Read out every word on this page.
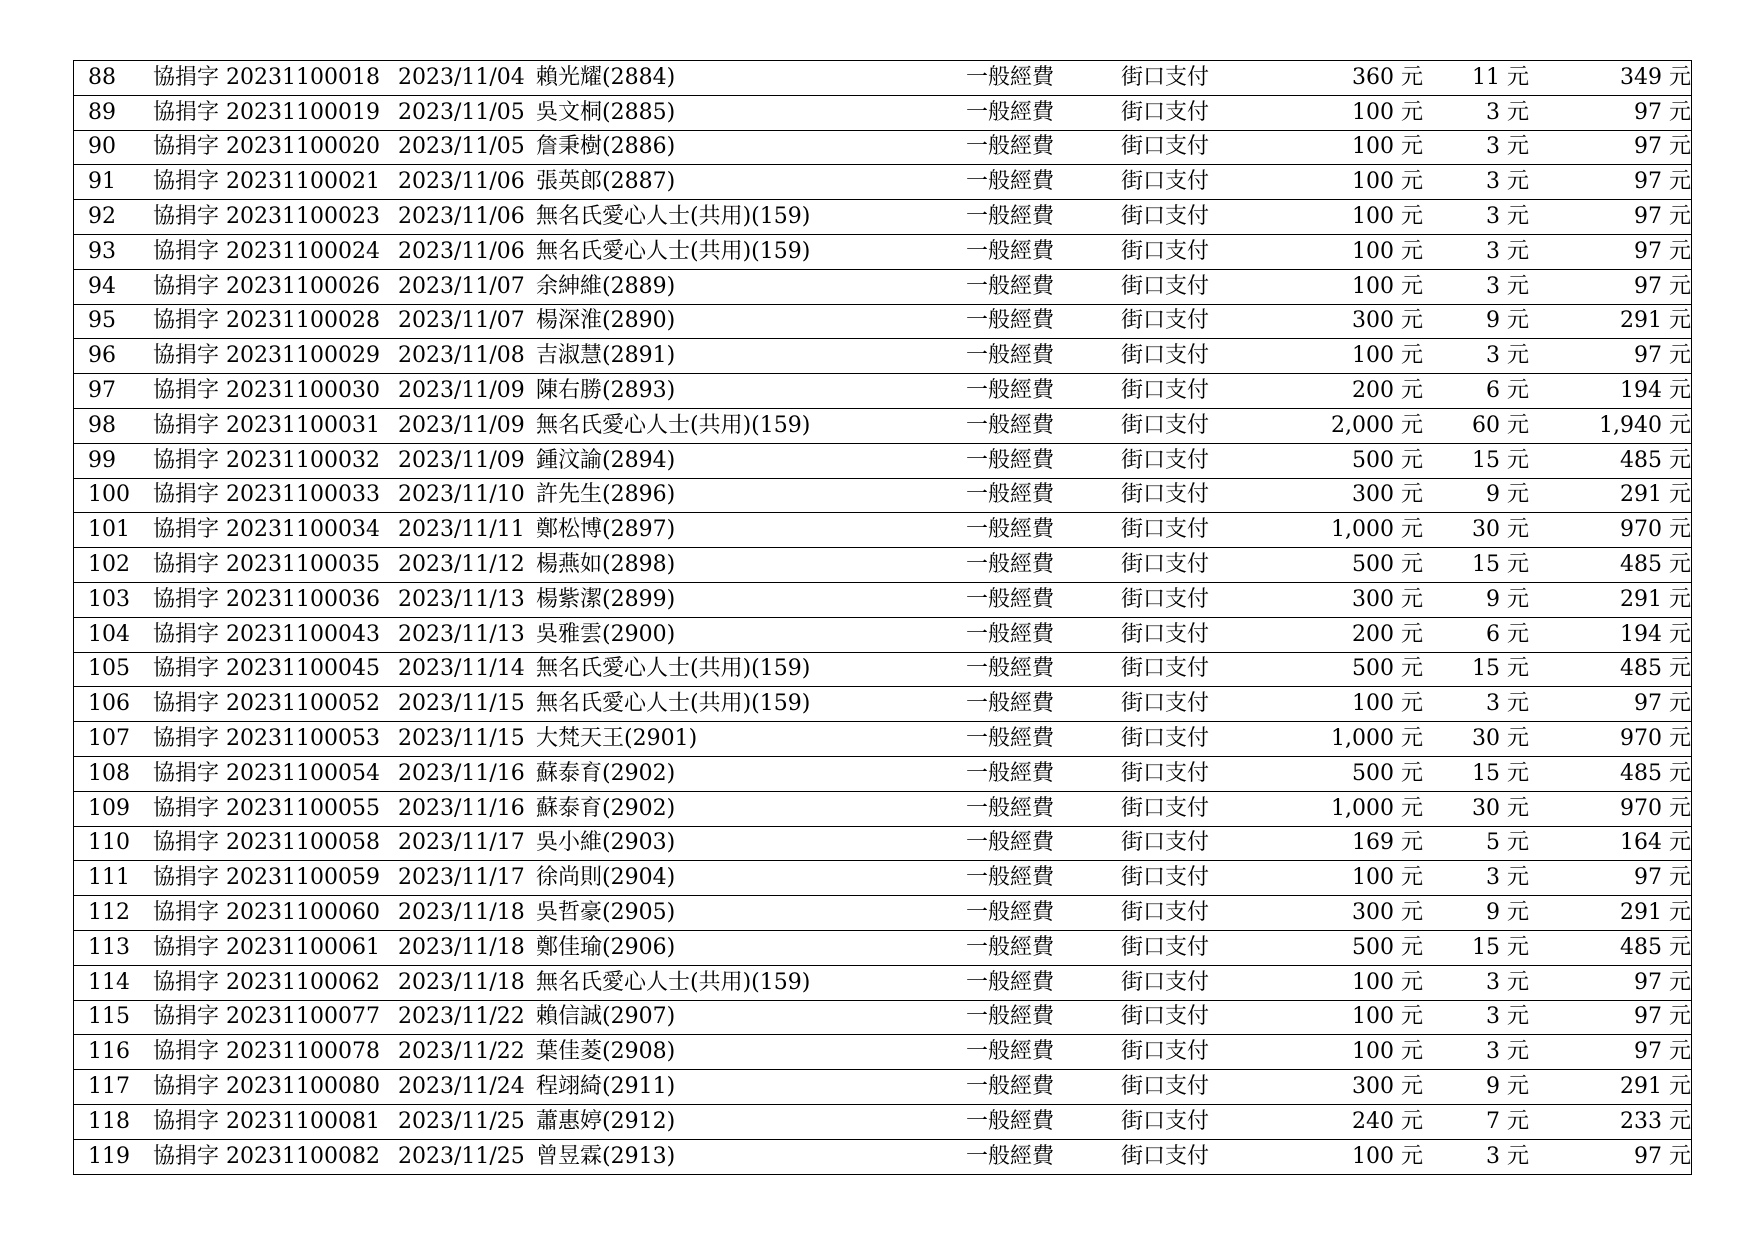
88	協捐字 20231100018 2023/11/04 賴光耀(2884)	一般經費	街口支付	360 元	11 元	349 元
89	協捐字 20231100019 2023/11/05 吳文桐(2885)	一般經費	街口支付	100 元	3 元	97 元
90	協捐字 20231100020 2023/11/05 詹秉樹(2886)	一般經費	街口支付	100 元	3 元	97 元
91	協捐字 20231100021 2023/11/06 張英郎(2887)	一般經費	街口支付	100 元	3 元	97 元
92	協捐字 20231100023 2023/11/06 無名氏愛心人士(共用)(159)	一般經費	街口支付	100 元	3 元	97 元
93	協捐字 20231100024 2023/11/06 無名氏愛心人士(共用)(159)	一般經費	街口支付	100 元	3 元	97 元
94	協捐字 20231100026 2023/11/07 余紳維(2889)	一般經費	街口支付	100 元	3 元	97 元
95	協捐字 20231100028 2023/11/07 楊深淮(2890)	一般經費	街口支付	300 元	9 元	291 元
96	協捐字 20231100029 2023/11/08 吉淑慧(2891)	一般經費	街口支付	100 元	3 元	97 元
97	協捐字 20231100030 2023/11/09 陳右勝(2893)	一般經費	街口支付	200 元	6 元	194 元
98	協捐字 20231100031 2023/11/09 無名氏愛心人士(共用)(159)	一般經費	街口支付	2,000 元	60 元	1,940 元
99	協捐字 20231100032 2023/11/09 鍾汶諭(2894)	一般經費	街口支付	500 元	15 元	485 元
100	協捐字 20231100033 2023/11/10 許先生(2896)	一般經費	街口支付	300 元	9 元	291 元
101	協捐字 20231100034 2023/11/11 鄭松博(2897)	一般經費	街口支付	1,000 元	30 元	970 元
102	協捐字 20231100035 2023/11/12 楊燕如(2898)	一般經費	街口支付	500 元	15 元	485 元
103	協捐字 20231100036 2023/11/13 楊紫潔(2899)	一般經費	街口支付	300 元	9 元	291 元
104	協捐字 20231100043 2023/11/13 吳雅雲(2900)	一般經費	街口支付	200 元	6 元	194 元
105	協捐字 20231100045 2023/11/14 無名氏愛心人士(共用)(159)	一般經費	街口支付	500 元	15 元	485 元
106	協捐字 20231100052 2023/11/15 無名氏愛心人士(共用)(159)	一般經費	街口支付	100 元	3 元	97 元
107	協捐字 20231100053 2023/11/15 大梵天王(2901)	一般經費	街口支付	1,000 元	30 元	970 元
108	協捐字 20231100054 2023/11/16 蘇泰育(2902)	一般經費	街口支付	500 元	15 元	485 元
109	協捐字 20231100055 2023/11/16 蘇泰育(2902)	一般經費	街口支付	1,000 元	30 元	970 元
110	協捐字 20231100058 2023/11/17 吳小維(2903)	一般經費	街口支付	169 元	5 元	164 元
111	協捐字 20231100059 2023/11/17 徐尚則(2904)	一般經費	街口支付	100 元	3 元	97 元
112	協捐字 20231100060 2023/11/18 吳哲豪(2905)	一般經費	街口支付	300 元	9 元	291 元
113	協捐字 20231100061 2023/11/18 鄭佳瑜(2906)	一般經費	街口支付	500 元	15 元	485 元
114	協捐字 20231100062 2023/11/18 無名氏愛心人士(共用)(159)	一般經費	街口支付	100 元	3 元	97 元
115	協捐字 20231100077 2023/11/22 賴信誠(2907)	一般經費	街口支付	100 元	3 元	97 元
116	協捐字 20231100078 2023/11/22 葉佳菱(2908)	一般經費	街口支付	100 元	3 元	97 元
117	協捐字 20231100080 2023/11/24 程翊綺(2911)	一般經費	街口支付	300 元	9 元	291 元
118	協捐字 20231100081 2023/11/25 蕭惠婷(2912)	一般經費	街口支付	240 元	7 元	233 元
119	協捐字 20231100082 2023/11/25 曾昱霖(2913)	一般經費	街口支付	100 元	3 元	97 元
